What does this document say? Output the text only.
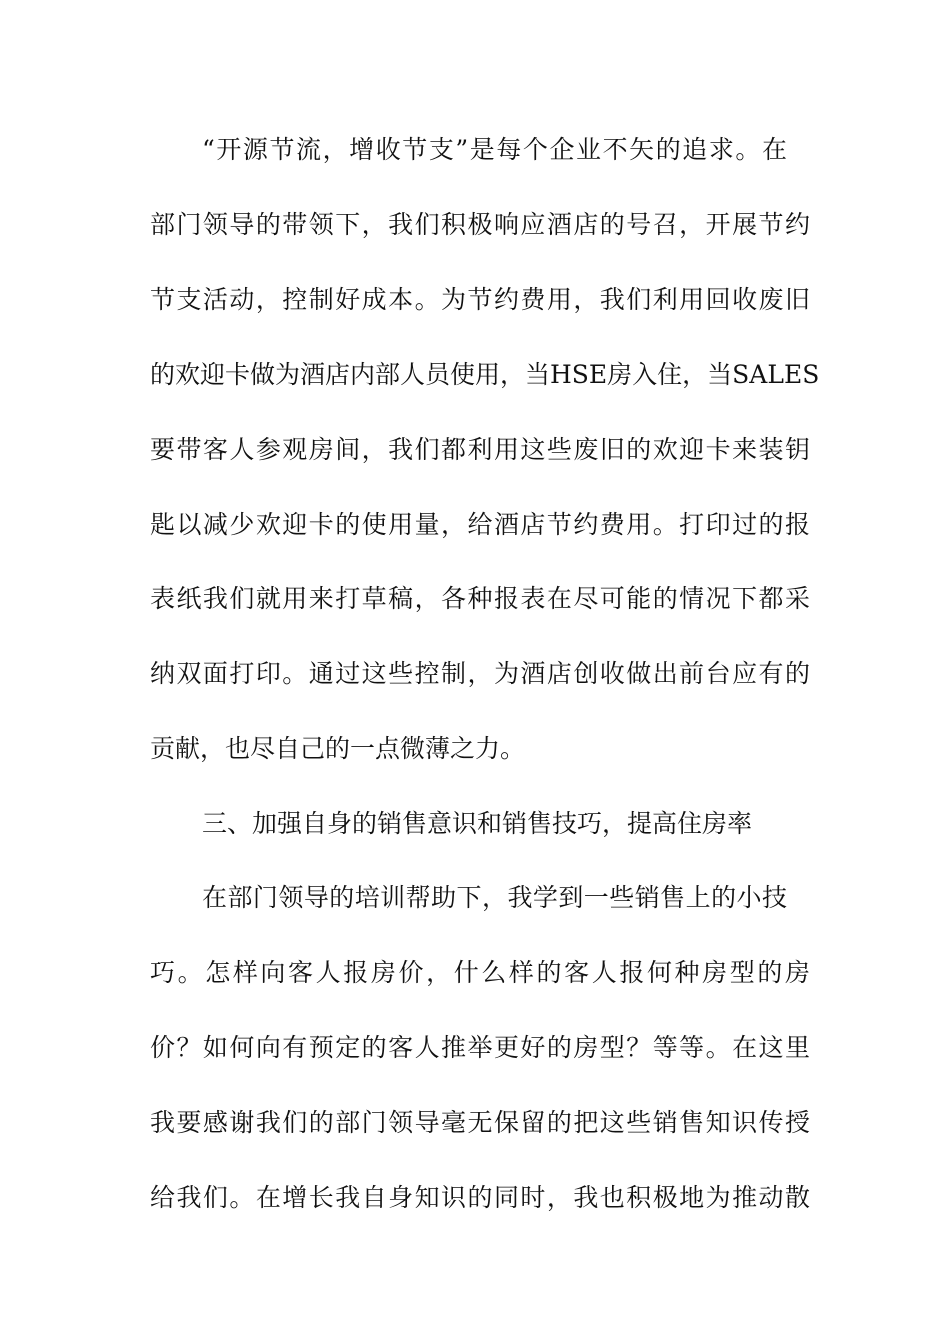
“开源节流，增收节支”是每个企业不矢的追求。在

部门领导的带领下，我们积极响应酒店的号召，开展节约

节支活动，控制好成本。为节约费用，我们利用回收废旧

的欢迎卡做为酒店内部人员使用，当HSE房入住，当SALES

要带客人参观房间，我们都利用这些废旧的欢迎卡来装钥

匙以减少欢迎卡的使用量，给酒店节约费用。打印过的报

表纸我们就用来打草稿，各种报表在尽可能的情况下都采

纳双面打印。通过这些控制，为酒店创收做出前台应有的

贡献，也尽自己的一点微薄之力。

三、加强自身的销售意识和销售技巧，提高住房率

在部门领导的培训帮助下，我学到一些销售上的小技

巧。怎样向客人报房价，什么样的客人报何种房型的房

价？如何向有预定的客人推举更好的房型？等等。在这里

我要感谢我们的部门领导毫无保留的把这些销售知识传授

给我们。在增长我自身知识的同时，我也积极地为推动散
